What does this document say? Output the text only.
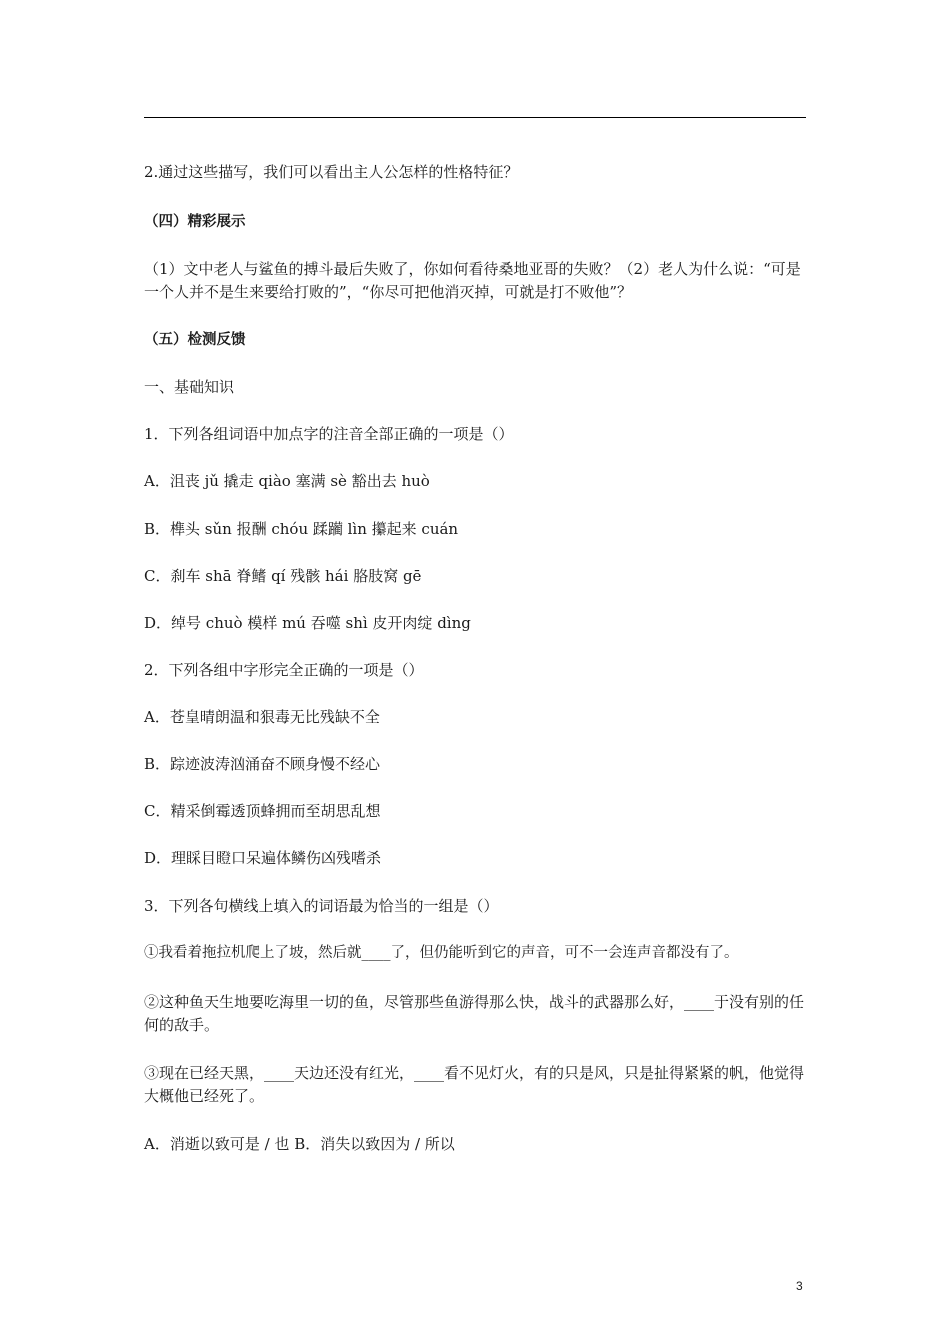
2.通过这些描写，我们可以看出主人公怎样的性格特征？
（四）精彩展示
（1）文中老人与鲨鱼的搏斗最后失败了，你如何看待桑地亚哥的失败？（2）老人为什么说：“可是一个人并不是生来要给打败的”，“你尽可把他消灭掉，可就是打不败他”？
（五）检测反馈
一、基础知识
1．下列各组词语中加点字的注音全部正确的一项是（）
A．沮丧 jǔ 撬走 qiào 塞满 sè 豁出去 huò
B．榫头 sǔn 报酬 chóu 蹂躏 lìn 攥起来 cuán
C．刹车 shā 脊鳍 qí 残骸 hái 胳肢窝 gē
D．绰号 chuò 模样 mú 吞噬 shì 皮开肉绽 dìng
2．下列各组中字形完全正确的一项是（）
A．苍皇晴朗温和狠毒无比残缺不全
B．踪迹波涛汹涌奋不顾身慢不经心
C．精采倒霉透顶蜂拥而至胡思乱想
D．理睬目瞪口呆遍体鳞伤凶残嗜杀
3．下列各句横线上填入的词语最为恰当的一组是（）
①我看着拖拉机爬上了坡，然后就____了，但仍能听到它的声音，可不一会连声音都没有了。
②这种鱼天生地要吃海里一切的鱼，尽管那些鱼游得那么快，战斗的武器那么好，____于没有别的任何的敌手。
③现在已经天黑，____天边还没有红光，____看不见灯火，有的只是风，只是扯得紧紧的帆，他觉得大概他已经死了。
A．消逝以致可是 / 也 B．消失以致因为 / 所以
3
